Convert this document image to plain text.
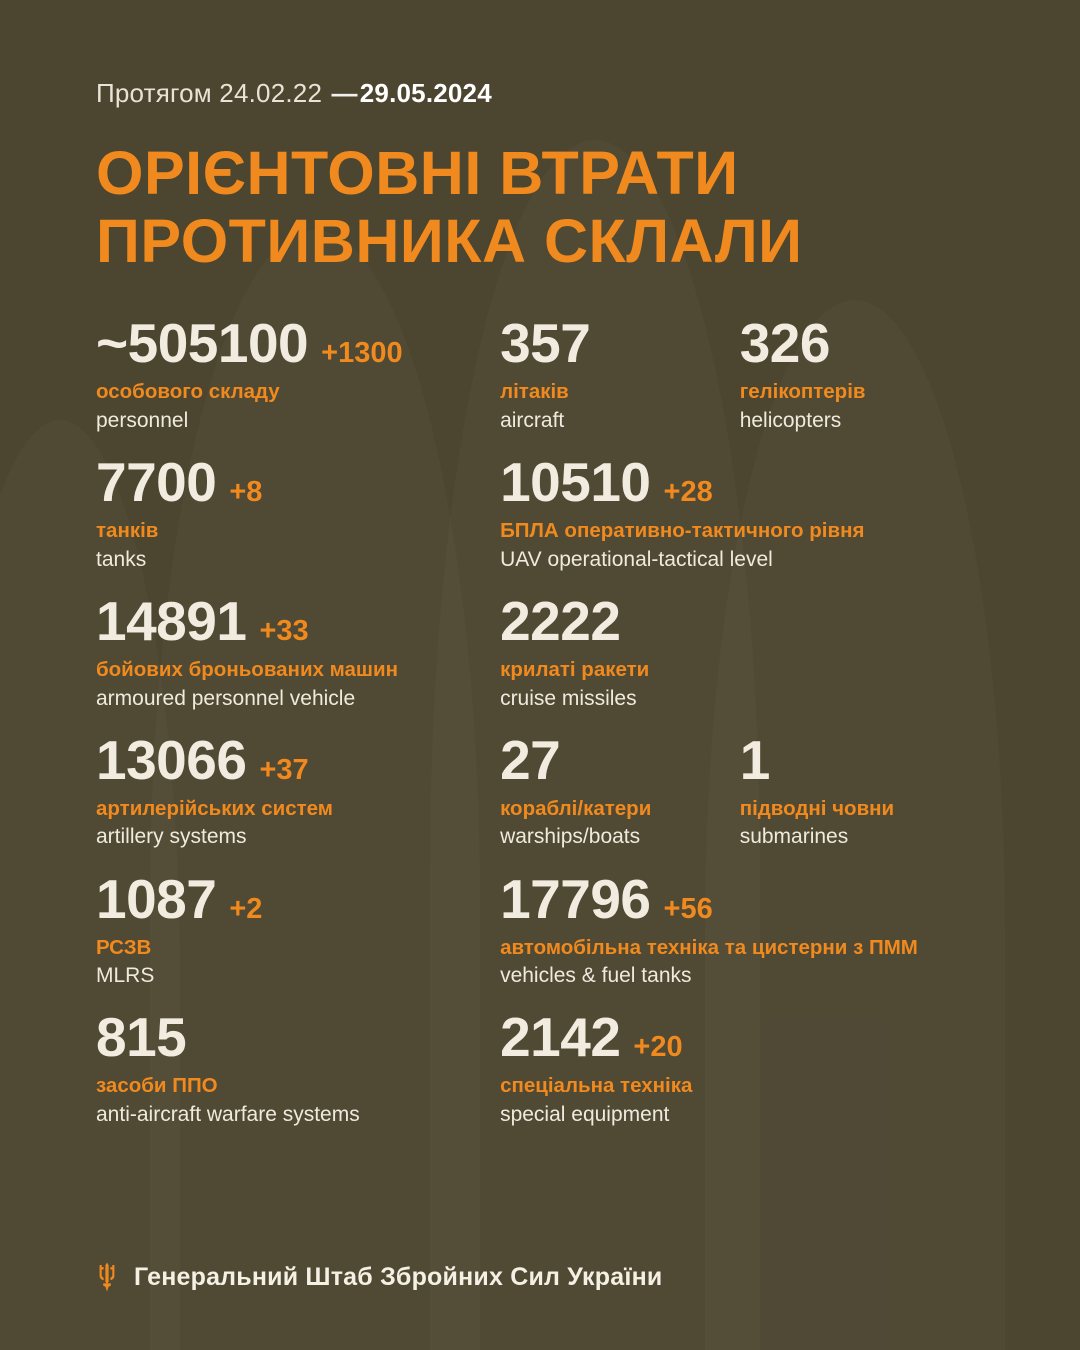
Протягом 24.02.22 —29.05.2024
ОРІЄНТОВНІ ВТРАТИ
ПРОТИВНИКА СКЛАЛИ
~505100 +1300
особового складу
personnel
357
літаків
aircraft
326
гелікоптерів
helicopters
7700 +8
танків
tanks
10510 +28
БПЛА оперативно-тактичного рівня
UAV operational-tactical level
14891 +33
бойових броньованих машин
armoured personnel vehicle
2222
крилаті ракети
cruise missiles
13066 +37
артилерійських систем
artillery systems
27
кораблі/катери
warships/boats
1
підводні човни
submarines
1087 +2
РСЗВ
MLRS
17796 +56
автомобільна техніка та цистерни з ПММ
vehicles & fuel tanks
815
засоби ППО
anti-aircraft warfare systems
2142 +20
спеціальна техніка
special equipment
Генеральний Штаб Збройних Сил України
